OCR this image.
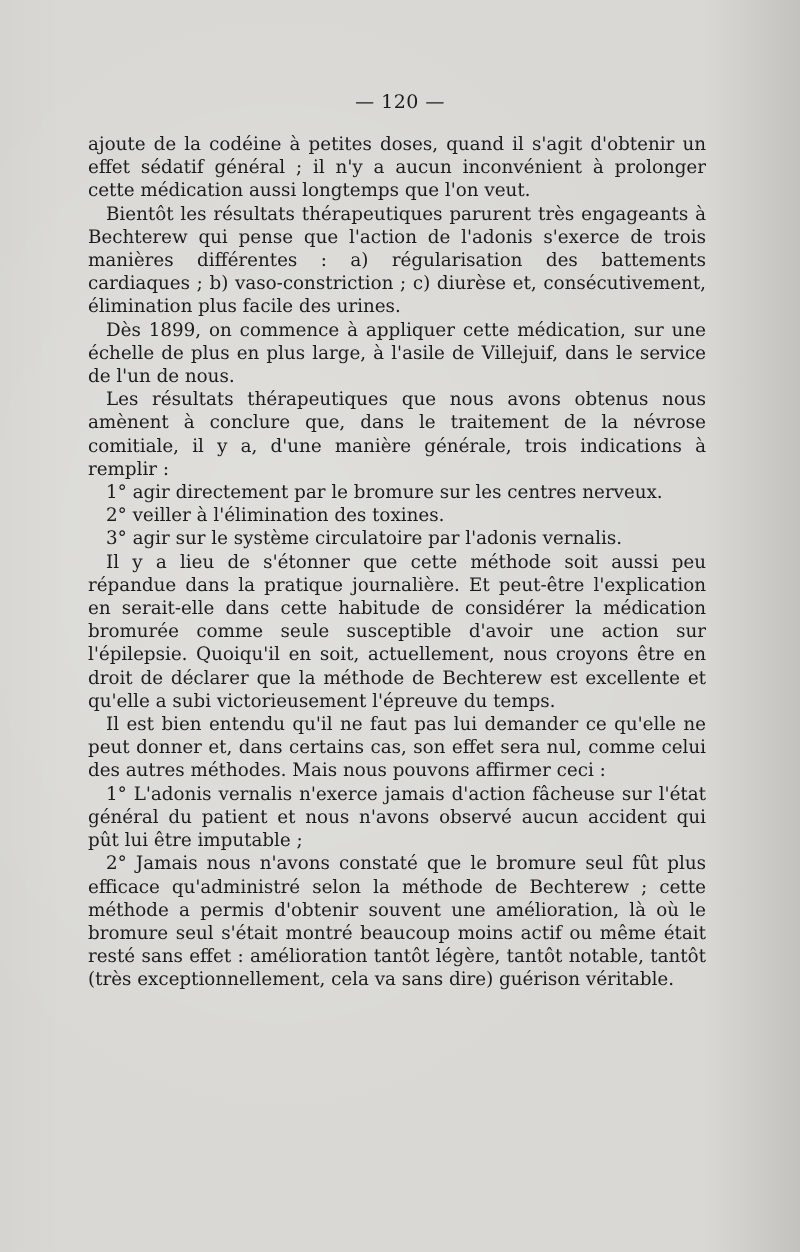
— 120 —

ajoute de la codéine à petites doses, quand il s'agit d'obtenir un effet sédatif général ; il n'y a aucun inconvénient à prolonger cette médication aussi longtemps que l'on veut.

Bientôt les résultats thérapeutiques parurent très engageants à Bechterew qui pense que l'action de l'adonis s'exerce de trois manières différentes : a) régularisation des battements cardiaques ; b) vaso-constriction ; c) diurèse et, consécutivement, élimination plus facile des urines.

Dès 1899, on commence à appliquer cette médication, sur une échelle de plus en plus large, à l'asile de Villejuif, dans le service de l'un de nous.

Les résultats thérapeutiques que nous avons obtenus nous amènent à conclure que, dans le traitement de la névrose comitiale, il y a, d'une manière générale, trois indications à remplir :

1° agir directement par le bromure sur les centres nerveux.

2° veiller à l'élimination des toxines.

3° agir sur le système circulatoire par l'adonis vernalis.

Il y a lieu de s'étonner que cette méthode soit aussi peu répandue dans la pratique journalière. Et peut-être l'explication en serait-elle dans cette habitude de considérer la médication bromurée comme seule susceptible d'avoir une action sur l'épilepsie. Quoiqu'il en soit, actuellement, nous croyons être en droit de déclarer que la méthode de Bechterew est excellente et qu'elle a subi victorieusement l'épreuve du temps.

Il est bien entendu qu'il ne faut pas lui demander ce qu'elle ne peut donner et, dans certains cas, son effet sera nul, comme celui des autres méthodes. Mais nous pouvons affirmer ceci :

1° L'adonis vernalis n'exerce jamais d'action fâcheuse sur l'état général du patient et nous n'avons observé aucun accident qui pût lui être imputable ;

2° Jamais nous n'avons constaté que le bromure seul fût plus efficace qu'administré selon la méthode de Bechterew ; cette méthode a permis d'obtenir souvent une amélioration, là où le bromure seul s'était montré beaucoup moins actif ou même était resté sans effet : amélioration tantôt légère, tantôt notable, tantôt (très exceptionnellement, cela va sans dire) guérison véritable.
